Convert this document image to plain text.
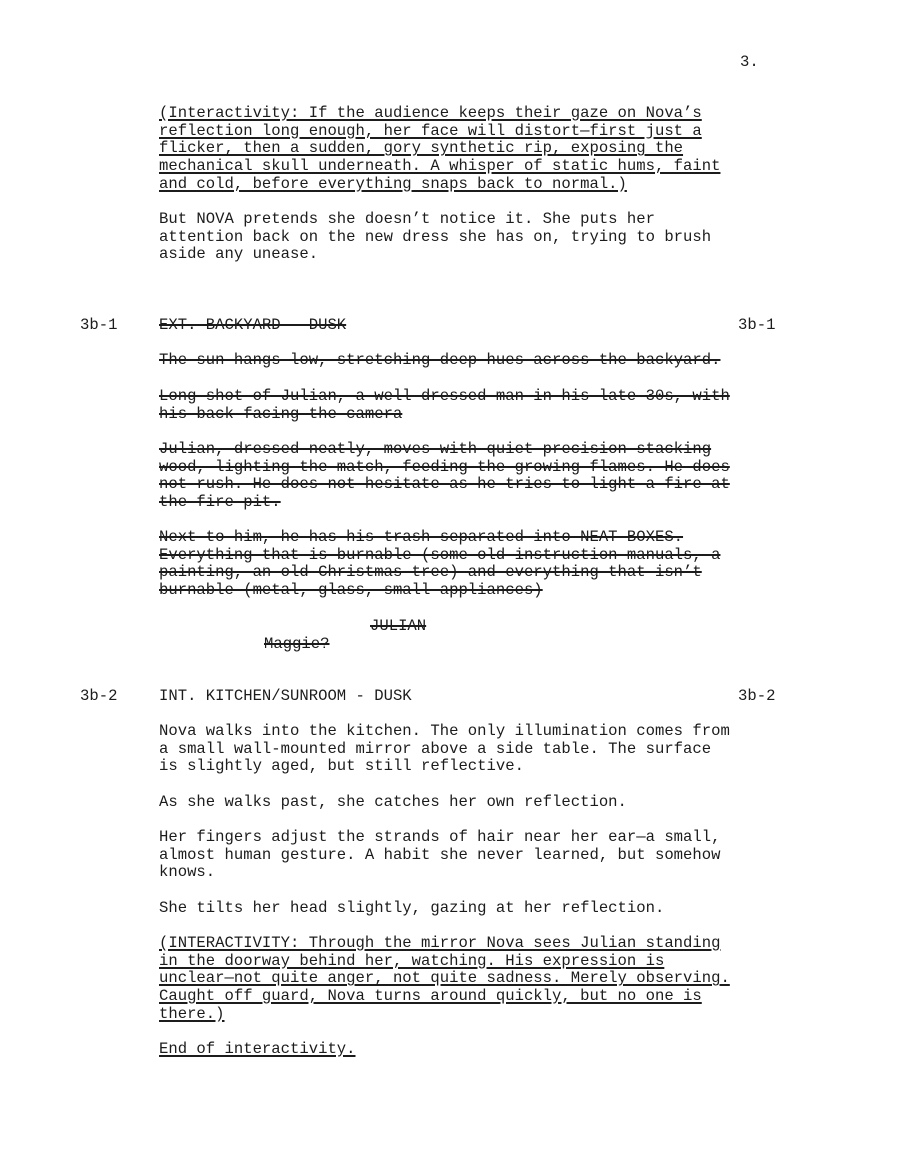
3.

(Interactivity: If the audience keeps their gaze on Nova’s
reflection long enough, her face will distort—first just a
flicker, then a sudden, gory synthetic rip, exposing the
mechanical skull underneath. A whisper of static hums, faint
and cold, before everything snaps back to normal.)

But NOVA pretends she doesn’t notice it. She puts her
attention back on the new dress she has on, trying to brush
aside any unease.

3b-1	EXT. BACKYARD - DUSK	3b-1

The sun hangs low, stretching deep hues across the backyard.

Long shot of Julian, a well dressed man in his late 30s, with
his back facing the camera

Julian, dressed neatly, moves with quiet precision—stacking
wood, lighting the match, feeding the growing flames. He does
not rush. He does not hesitate as he tries to light a fire at
the fire pit.

Next to him, he has his trash separated into NEAT BOXES.
Everything that is burnable (some old instruction manuals, a
painting, an old Christmas tree) and everything that isn’t
burnable (metal, glass, small appliances)

JULIAN
Maggie?
3b-2	INT. KITCHEN/SUNROOM - DUSK	3b-2

Nova walks into the kitchen. The only illumination comes from
a small wall-mounted mirror above a side table. The surface
is slightly aged, but still reflective.

As she walks past, she catches her own reflection.

Her fingers adjust the strands of hair near her ear—a small,
almost human gesture. A habit she never learned, but somehow
knows.

She tilts her head slightly, gazing at her reflection.

(INTERACTIVITY: Through the mirror Nova sees Julian standing
in the doorway behind her, watching. His expression is
unclear—not quite anger, not quite sadness. Merely observing.
Caught off guard, Nova turns around quickly, but no one is
there.)

End of interactivity.
